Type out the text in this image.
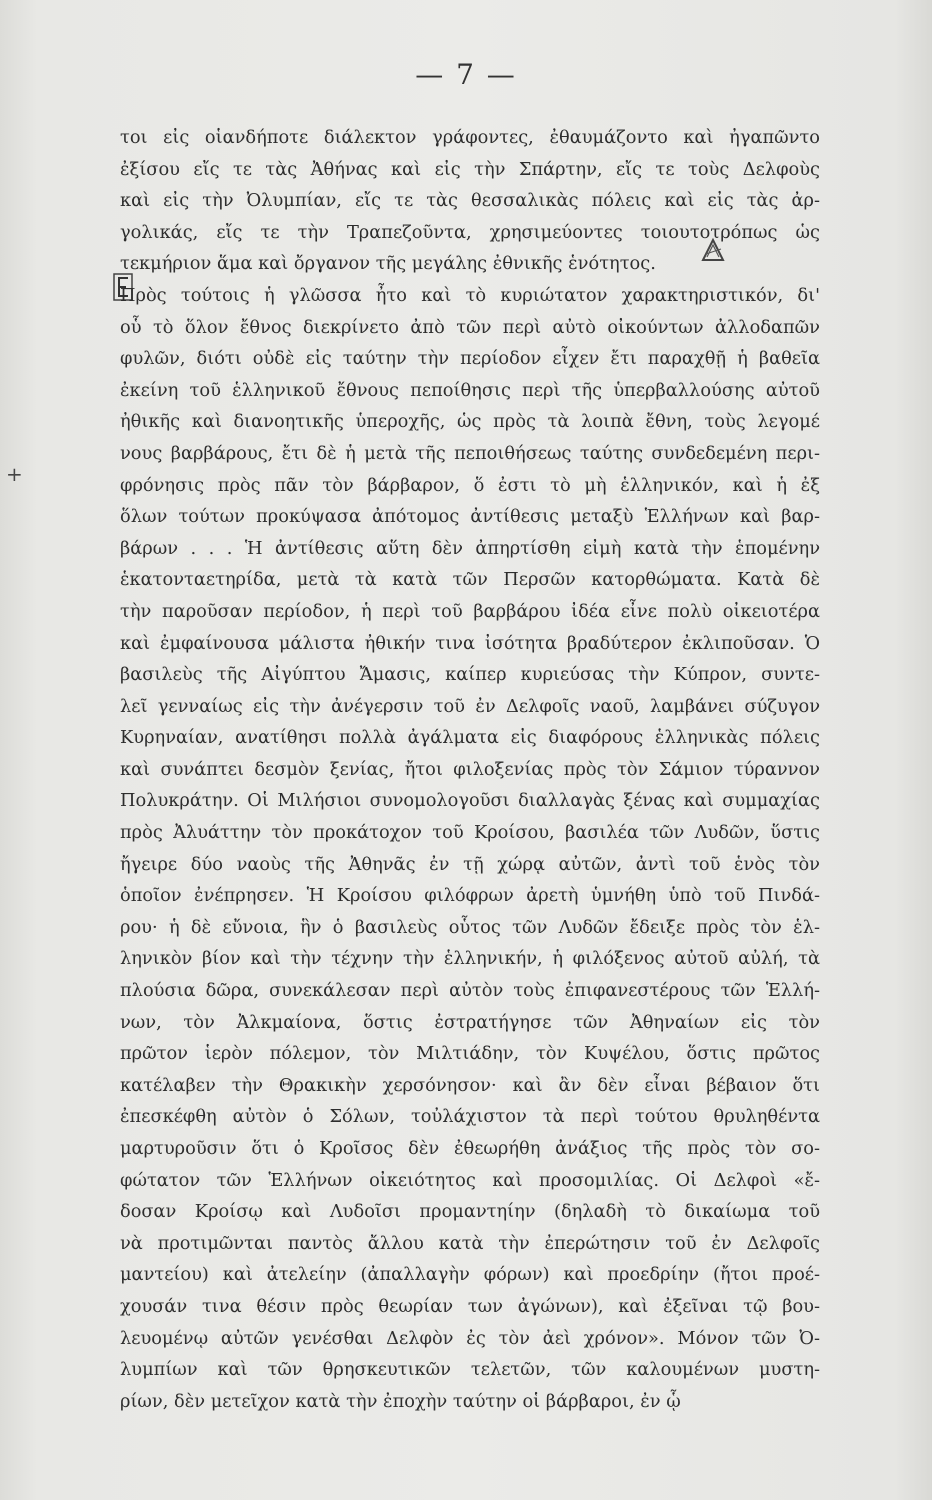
— 7 —
+
τοι εἰς οἱανδήποτε διάλεκτον γράφοντες, ἐθαυμάζοντο καὶ ἠγαπῶντο
ἐξίσου εἴς τε τὰς Ἀθήνας καὶ εἰς τὴν Σπάρτην, εἴς τε τοὺς Δελφοὺς
καὶ εἰς τὴν Ὀλυμπίαν, εἴς τε τὰς θεσσαλικὰς πόλεις καὶ εἰς τὰς ἀρ-
γολικάς, εἴς τε τὴν Τραπεζοῦντα, χρησιμεύοντες τοιουτοτρόπως ὡς
τεκμήριον ἅμα καὶ ὄργανον τῆς μεγάλης ἐθνικῆς ἑνότητος.
Πρὸς τούτοις ἡ γλῶσσα ἦτο καὶ τὸ κυριώτατον χαρακτηριστικόν, δι'
οὗ τὸ ὅλον ἔθνος διεκρίνετο ἀπὸ τῶν περὶ αὐτὸ οἰκούντων ἀλλοδαπῶν
φυλῶν, διότι οὐδὲ εἰς ταύτην τὴν περίοδον εἶχεν ἔτι παραχθῇ ἡ βαθεῖα
ἐκείνη τοῦ ἑλληνικοῦ ἔθνους πεποίθησις περὶ τῆς ὑπερβαλλούσης αὐτοῦ
ἠθικῆς καὶ διανοητικῆς ὑπεροχῆς, ὡς πρὸς τὰ λοιπὰ ἔθνη, τοὺς λεγομέ
νους βαρβάρους, ἔτι δὲ ἡ μετὰ τῆς πεποιθήσεως ταύτης συνδεδεμένη περι-
φρόνησις πρὸς πᾶν τὸν βάρβαρον, ὅ ἐστι τὸ μὴ ἑλληνικόν, καὶ ἡ ἐξ
ὅλων τούτων προκύψασα ἀπότομος ἀντίθεσις μεταξὺ Ἑλλήνων καὶ βαρ-
βάρων . . . Ἡ ἀντίθεσις αὕτη δὲν ἀπηρτίσθη εἰμὴ κατὰ τὴν ἑπομένην
ἑκατονταετηρίδα, μετὰ τὰ κατὰ τῶν Περσῶν κατορθώματα. Κατὰ δὲ
τὴν παροῦσαν περίοδον, ἡ περὶ τοῦ βαρβάρου ἰδέα εἶνε πολὺ οἰκειοτέρα
καὶ ἐμφαίνουσα μάλιστα ἠθικήν τινα ἰσότητα βραδύτερον ἐκλιποῦσαν. Ὁ
βασιλεὺς τῆς Αἰγύπτου Ἄμασις, καίπερ κυριεύσας τὴν Κύπρον, συντε-
λεῖ γενναίως εἰς τὴν ἀνέγερσιν τοῦ ἐν Δελφοῖς ναοῦ, λαμβάνει σύζυγον
Κυρηναίαν, ανατίθησι πολλὰ ἀγάλματα εἰς διαφόρους ἑλληνικὰς πόλεις
καὶ συνάπτει δεσμὸν ξενίας, ἤτοι φιλοξενίας πρὸς τὸν Σάμιον τύραννον
Πολυκράτην. Οἱ Μιλήσιοι συνομολογοῦσι διαλλαγὰς ξένας καὶ συμμαχίας
πρὸς Ἀλυάττην τὸν προκάτοχον τοῦ Κροίσου, βασιλέα τῶν Λυδῶν, ὕστις
ἤγειρε δύο ναοὺς τῆς Ἀθηνᾶς ἐν τῇ χώρᾳ αὐτῶν, ἀντὶ τοῦ ἑνὸς τὸν
ὁποῖον ἐνέπρησεν. Ἡ Κροίσου φιλόφρων ἀρετὴ ὑμνήθη ὑπὸ τοῦ Πινδά-
ρου· ἡ δὲ εὔνοια, ἣν ὁ βασιλεὺς οὗτος τῶν Λυδῶν ἔδειξε πρὸς τὸν ἑλ-
ληνικὸν βίον καὶ τὴν τέχνην τὴν ἑλληνικήν, ἡ φιλόξενος αὐτοῦ αὐλή, τὰ
πλούσια δῶρα, συνεκάλεσαν περὶ αὐτὸν τοὺς ἐπιφανεστέρους τῶν Ἑλλή-
νων, τὸν Ἀλκμαίονα, ὅστις ἐστρατήγησε τῶν Ἀθηναίων εἰς τὸν
πρῶτον ἱερὸν πόλεμον, τὸν Μιλτιάδην, τὸν Κυψέλου, ὅστις πρῶτος
κατέλαβεν τὴν Θρακικὴν χερσόνησον· καὶ ἂν δὲν εἶναι βέβαιον ὅτι
ἐπεσκέφθη αὐτὸν ὁ Σόλων, τοὐλάχιστον τὰ περὶ τούτου θρυληθέντα
μαρτυροῦσιν ὅτι ὁ Κροῖσος δὲν ἐθεωρήθη ἀνάξιος τῆς πρὸς τὸν σο-
φώτατον τῶν Ἑλλήνων οἰκειότητος καὶ προσομιλίας. Οἱ Δελφοὶ «ἔ-
δοσαν Κροίσῳ καὶ Λυδοῖσι προμαντηίην (δηλαδὴ τὸ δικαίωμα τοῦ
νὰ προτιμῶνται παντὸς ἄλλου κατὰ τὴν ἐπερώτησιν τοῦ ἐν Δελφοῖς
μαντείου) καὶ ἀτελείην (ἀπαλλαγὴν φόρων) καὶ προεδρίην (ἤτοι προέ-
χουσάν τινα θέσιν πρὸς θεωρίαν των ἀγώνων), καὶ ἐξεῖναι τῷ βου-
λευομένῳ αὐτῶν γενέσθαι Δελφὸν ἐς τὸν ἀεὶ χρόνον». Μόνον τῶν Ὀ-
λυμπίων καὶ τῶν θρησκευτικῶν τελετῶν, τῶν καλουμένων μυστη-
ρίων, δὲν μετεῖχον κατὰ τὴν ἐποχὴν ταύτην οἱ βάρβαροι, ἐν ᾧ
